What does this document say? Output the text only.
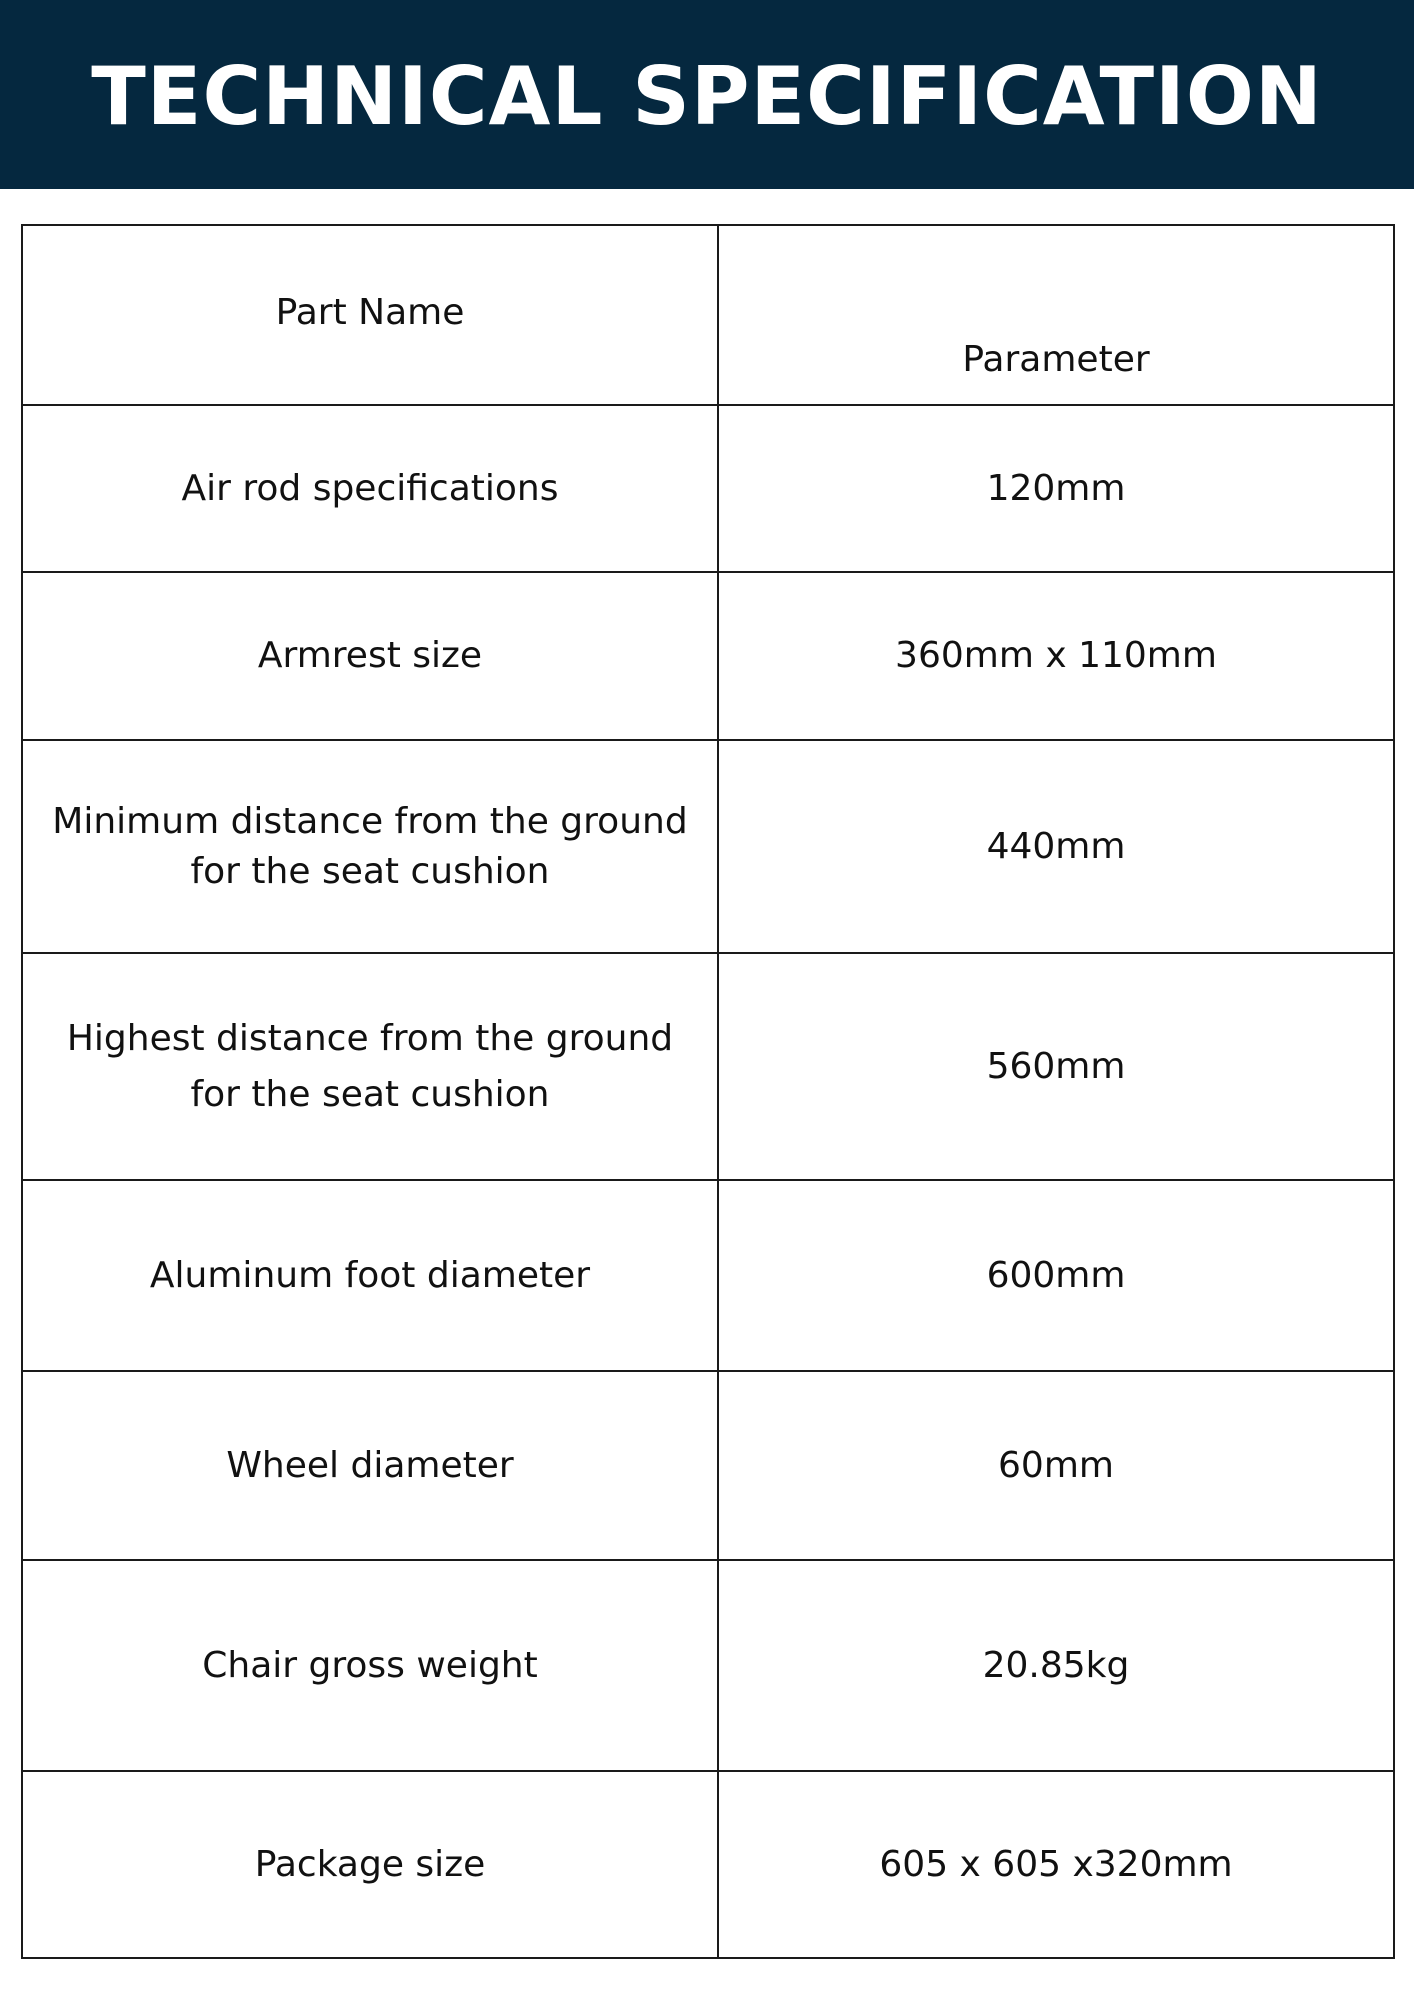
TECHNICAL SPECIFICATION
Part Name	Parameter
Air rod specifications	120mm
Armrest size	360mm x 110mm
Minimum distance from the ground for the seat cushion	440mm
Highest distance from the ground for the seat cushion	560mm
Aluminum foot diameter	600mm
Wheel diameter	60mm
Chair gross weight	20.85kg
Package size	605 x 605 x320mm
